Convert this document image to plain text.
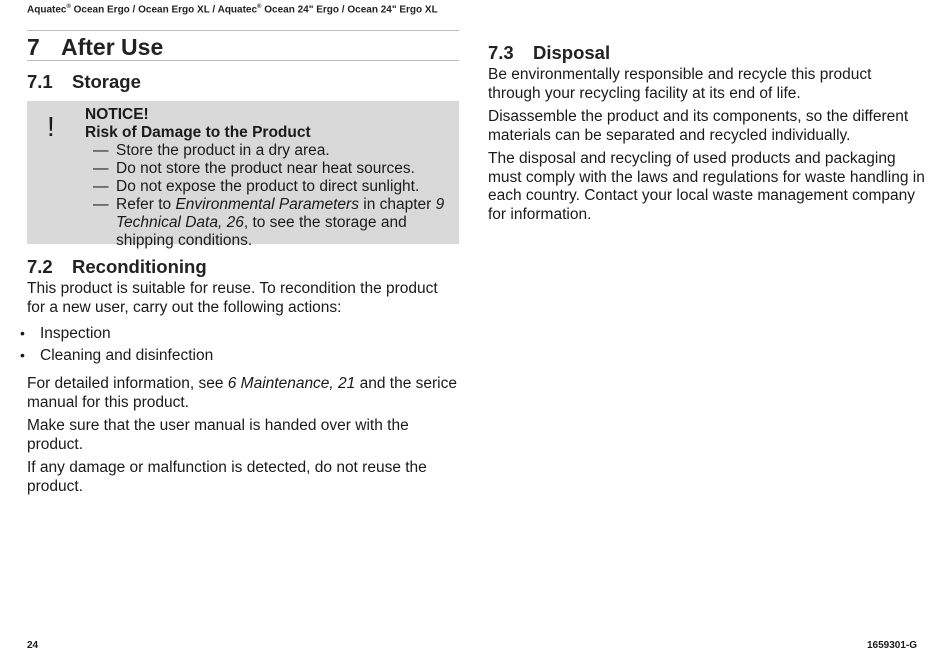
Aquatec® Ocean Ergo / Ocean Ergo XL / Aquatec® Ocean 24" Ergo / Ocean 24" Ergo XL
7 After Use
7.1 Storage
! NOTICE!
Risk of Damage to the Product
— Store the product in a dry area.
— Do not store the product near heat sources.
— Do not expose the product to direct sunlight.
— Refer to Environmental Parameters in chapter 9 Technical Data, 26, to see the storage and shipping conditions.
7.2 Reconditioning

This product is suitable for reuse. To recondition the product for a new user, carry out the following actions:

• Inspection
• Cleaning and disinfection

For detailed information, see 6 Maintenance, 21 and the serice manual for this product.

Make sure that the user manual is handed over with the product.

If any damage or malfunction is detected, do not reuse the product.

7.3 Disposal

Be environmentally responsible and recycle this product through your recycling facility at its end of life.

Disassemble the product and its components, so the different materials can be separated and recycled individually.

The disposal and recycling of used products and packaging must comply with the laws and regulations for waste handling in each country. Contact your local waste management company for information.

24	1659301-G
